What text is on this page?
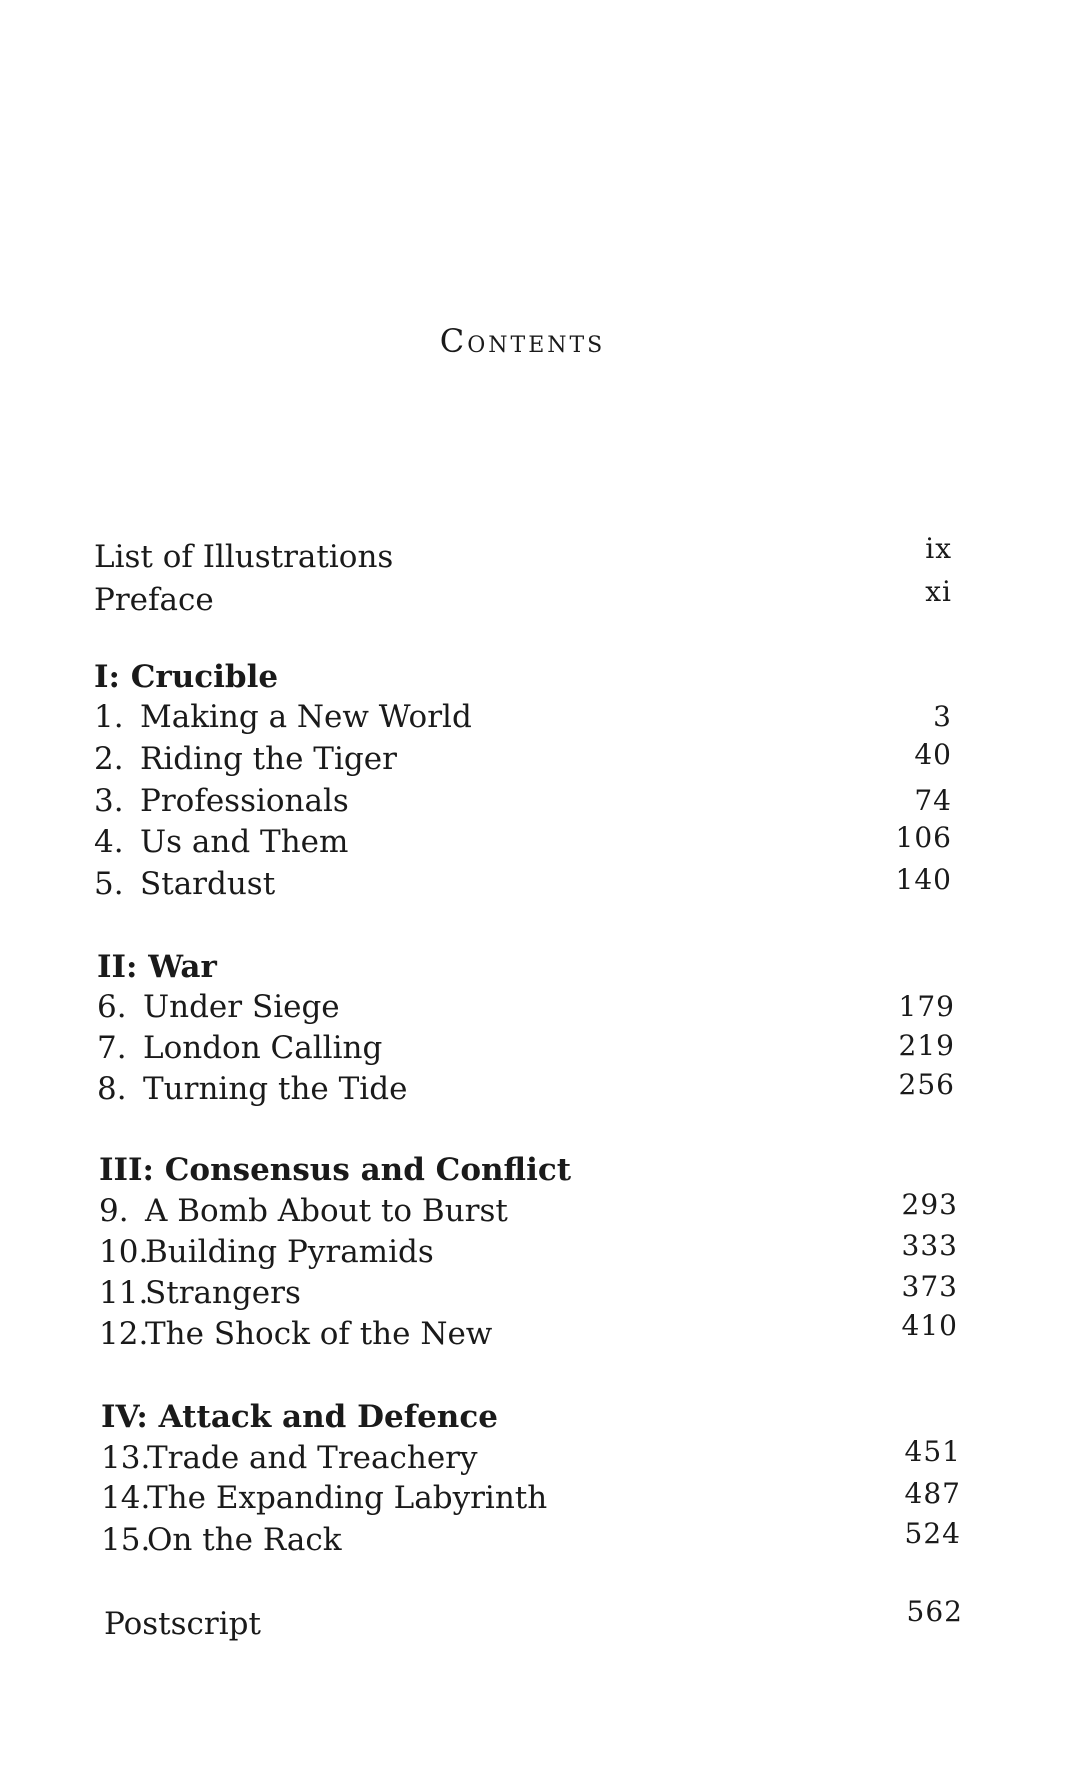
Contents
List of Illustrations	ix
Preface	xi
I: Crucible
1. Making a New World	3
2. Riding the Tiger	40
3. Professionals	74
4. Us and Them	106
5. Stardust	140
II: War
6. Under Siege	179
7. London Calling	219
8. Turning the Tide	256
III: Consensus and Conflict
9. A Bomb About to Burst	293
10.Building Pyramids	333
11.Strangers	373
12.The Shock of the New	410
IV: Attack and Defence
13.Trade and Treachery	451
14.The Expanding Labyrinth	487
15.On the Rack	524
Postscript	562
